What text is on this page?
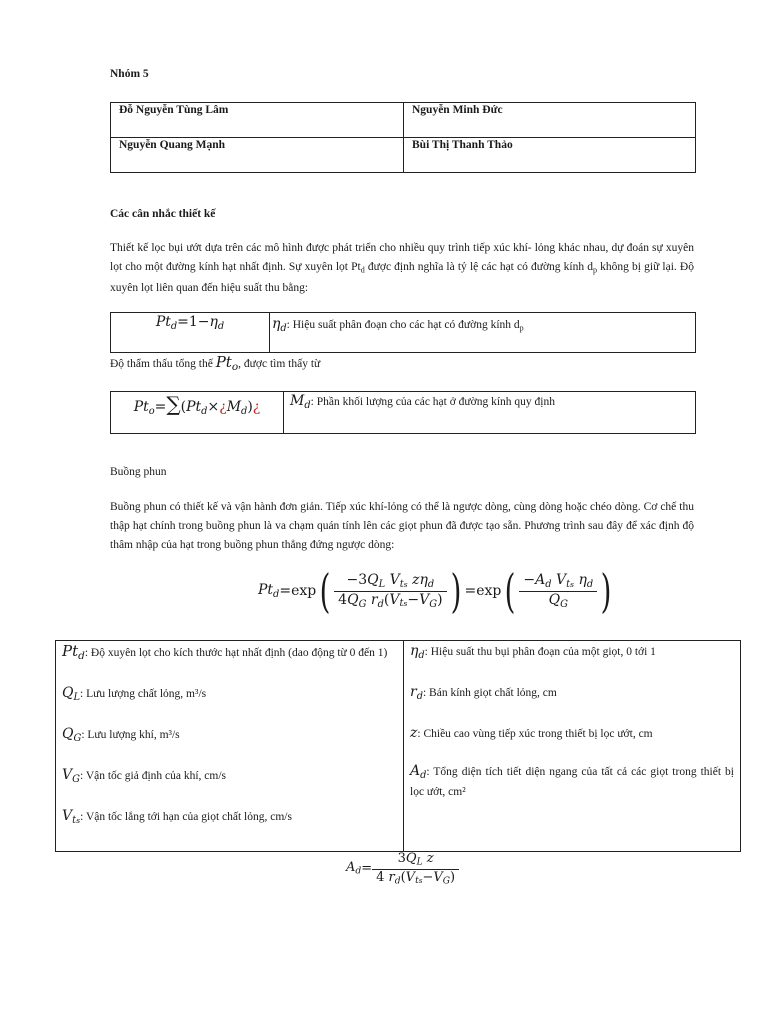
Nhóm 5
Đỗ Nguyễn Tùng Lâm	Nguyễn Minh Đức

Nguyễn Quang Mạnh	Bùi Thị Thanh Thảo
Các cân nhắc thiết kế
Thiết kế lọc bụi ướt dựa trên các mô hình được phát triển cho nhiều quy trình tiếp xúc khí- lỏng khác nhau, dự đoán sự xuyên lọt cho một đường kính hạt nhất định. Sự xuyên lọt $Pt_d$ được định nghĩa là tỷ lệ các hạt có đường kính $d_p$ không bị giữ lại. Độ xuyên lọt liên quan đến hiệu suất thu bằng:
$Pt_d=1-\eta_d$	$\eta_d$: Hiệu suất phân đoạn cho các hạt có đường kính $d_p$
Độ thẩm thấu tổng thế $Pt_o$, được tìm thấy từ
$Pt_o=\sum(Pt_d\times¿M_d)¿$	$M_d$: Phần khối lượng của các hạt ở đường kính quy định
Buồng phun
Buồng phun có thiết kế và vận hành đơn giản. Tiếp xúc khí-lỏng có thể là ngược dòng, cùng dòng hoặc chéo dòng. Cơ chế thu thập hạt chính trong buồng phun là va chạm quán tính lên các giọt phun đã được tạo sẵn. Phương trình sau đây để xác định độ thâm nhập của hạt trong buồng phun thẳng đứng ngược dòng:
$Pt_d=\exp( \frac{-3Q_L V_{ts} z\eta_d}{4Q_G r_d(V_{ts}-V_G)}$ ) $=\exp( \frac{-A_d V_{ts} \eta_d}{Q_G}$ )

$Pt_d$: Độ xuyên lọt cho kích thước hạt nhất định (dao động từ 0 đến 1)

$Q_L$: Lưu lượng chất lỏng, m³/s

$Q_G$: Lưu lượng khí, m³/s

$V_G$: Vận tốc giả định của khí, cm/s

$V_{ts}$: Vận tốc lắng tới hạn của giọt chất lỏng, cm/s

$\eta_d$: Hiệu suất thu bụi phân đoạn của một giọt, 0 tới 1

$r_d$: Bán kính giọt chất lỏng, cm

z: Chiều cao vùng tiếp xúc trong thiết bị lọc ướt, cm

$A_d$: Tổng diện tích tiết diện ngang của tất cả các giọt trong thiết bị lọc ướt, cm²

$A_d= \frac{3Q_L z}{4 r_d(V_{ts}-V_G)}$
